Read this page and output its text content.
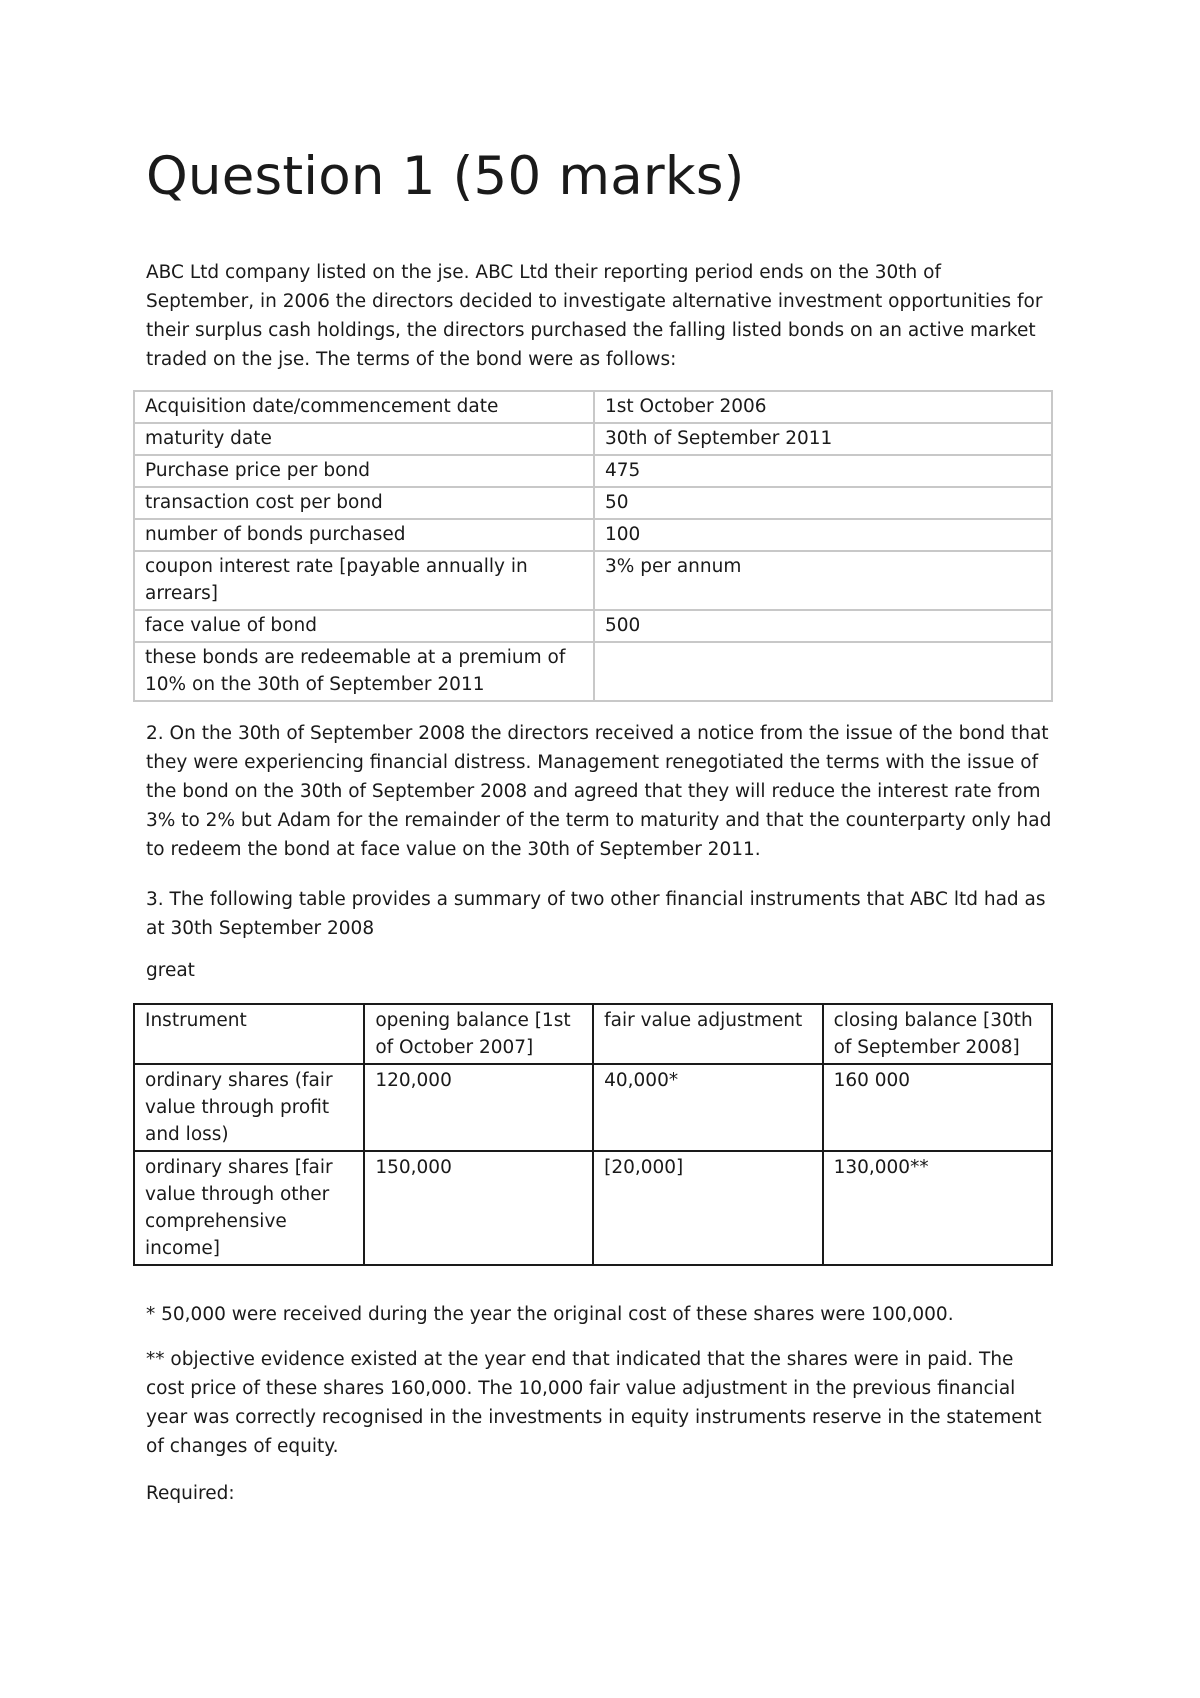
Question 1 (50 marks)

ABC Ltd company listed on the jse. ABC Ltd their reporting period ends on the 30th of September, in 2006 the directors decided to investigate alternative investment opportunities for their surplus cash holdings, the directors purchased the falling listed bonds on an active market traded on the jse. The terms of the bond were as follows:

Acquisition date/commencement date	1st October 2006
maturity date	30th of September 2011
Purchase price per bond	475
transaction cost per bond	50
number of bonds purchased	100
coupon interest rate [payable annually in arrears]	3% per annum
face value of bond	500
these bonds are redeemable at a premium of 10% on the 30th of September 2011	

2. On the 30th of September 2008 the directors received a notice from the issue of the bond that they were experiencing financial distress. Management renegotiated the terms with the issue of the bond on the 30th of September 2008 and agreed that they will reduce the interest rate from 3% to 2% but Adam for the remainder of the term to maturity and that the counterparty only had to redeem the bond at face value on the 30th of September 2011.

3. The following table provides a summary of two other financial instruments that ABC ltd had as at 30th September 2008

great

Instrument	opening balance [1st of October 2007]	fair value adjustment	closing balance [30th of September 2008]
ordinary shares (fair value through profit and loss)	120,000	40,000*	160 000
ordinary shares [fair value through other comprehensive income]	150,000	[20,000]	130,000**

* 50,000 were received during the year the original cost of these shares were 100,000.

** objective evidence existed at the year end that indicated that the shares were in paid. The cost price of these shares 160,000. The 10,000 fair value adjustment in the previous financial year was correctly recognised in the investments in equity instruments reserve in the statement of changes of equity.

Required:
